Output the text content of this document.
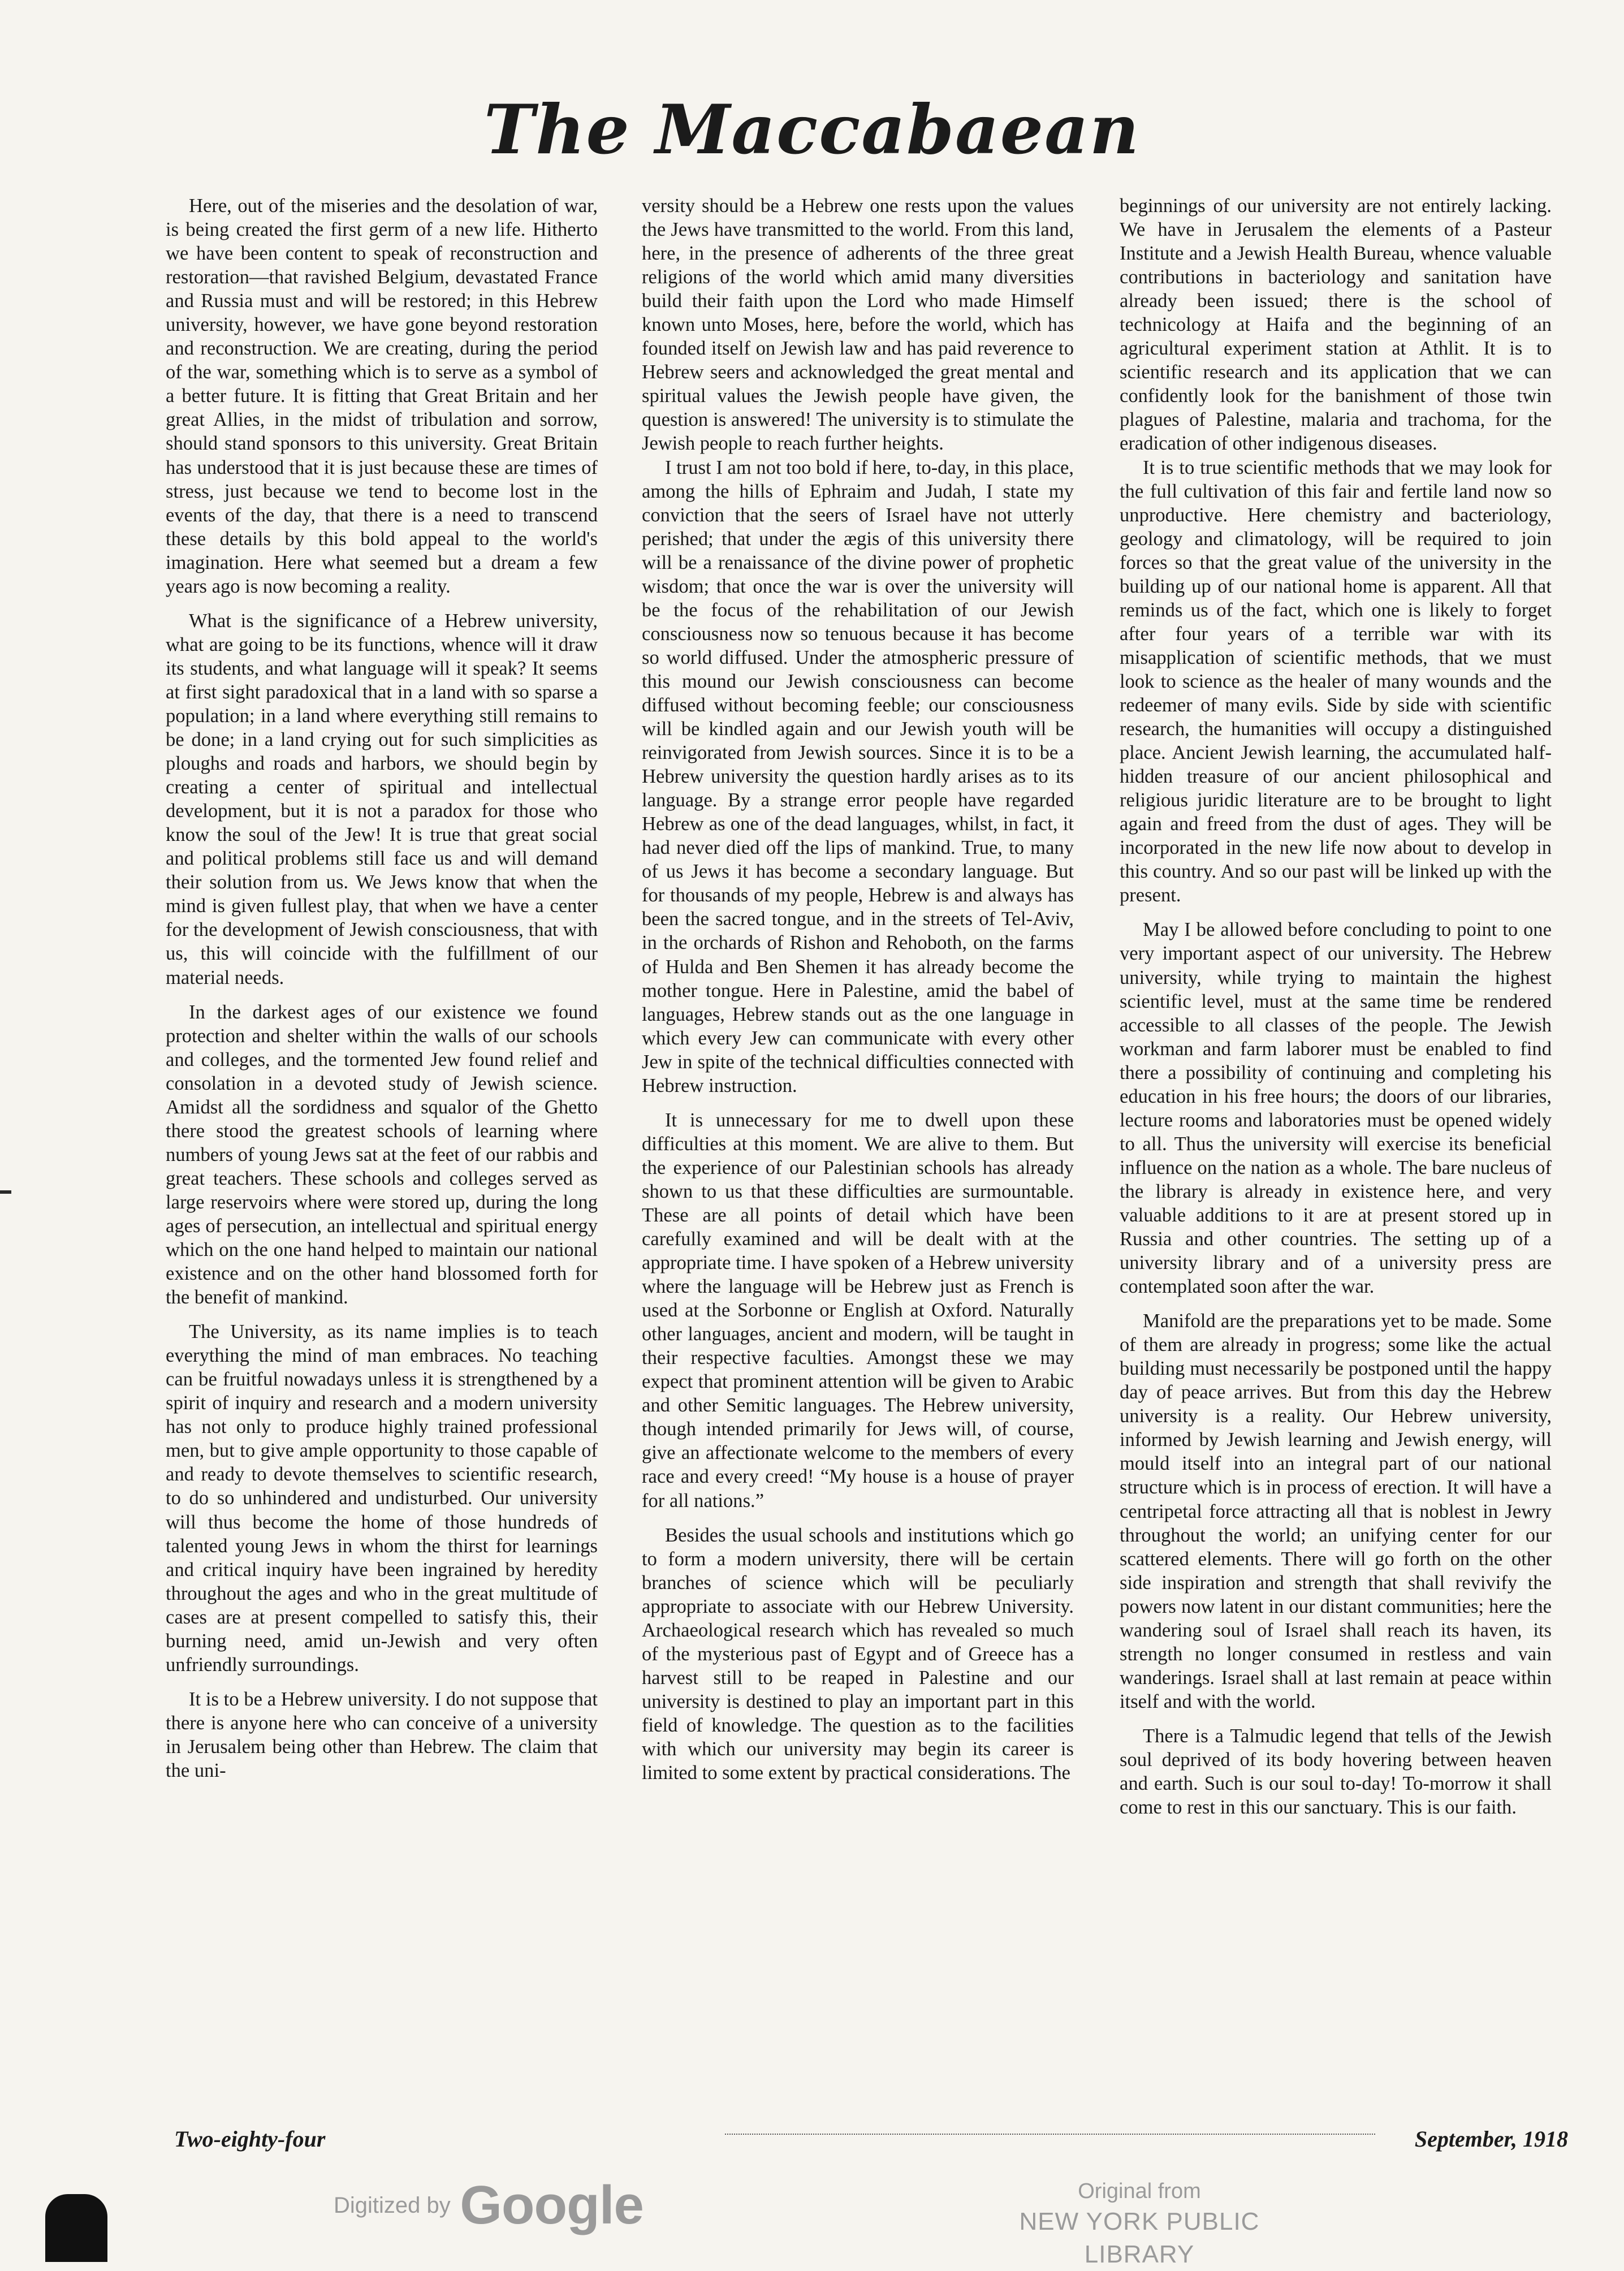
The Maccabaean

Here, out of the miseries and the desolation of war, is being created the first germ of a new life. Hitherto we have been content to speak of reconstruction and restoration—that ravished Belgium, devastated France and Russia must and will be restored; in this Hebrew university, however, we have gone beyond restoration and reconstruction. We are creating, during the period of the war, something which is to serve as a symbol of a better future. It is fitting that Great Britain and her great Allies, in the midst of tribulation and sorrow, should stand sponsors to this university. Great Britain has understood that it is just because these are times of stress, just because we tend to become lost in the events of the day, that there is a need to transcend these details by this bold appeal to the world's imagination. Here what seemed but a dream a few years ago is now becoming a reality.

What is the significance of a Hebrew university, what are going to be its functions, whence will it draw its students, and what language will it speak? It seems at first sight paradoxical that in a land with so sparse a population; in a land where everything still remains to be done; in a land crying out for such simplicities as ploughs and roads and harbors, we should begin by creating a center of spiritual and intellectual development, but it is not a paradox for those who know the soul of the Jew! It is true that great social and political problems still face us and will demand their solution from us. We Jews know that when the mind is given fullest play, that when we have a center for the development of Jewish consciousness, that with us, this will coincide with the fulfillment of our material needs.

In the darkest ages of our existence we found protection and shelter within the walls of our schools and colleges, and the tormented Jew found relief and consolation in a devoted study of Jewish science. Amidst all the sordidness and squalor of the Ghetto there stood the greatest schools of learning where numbers of young Jews sat at the feet of our rabbis and great teachers. These schools and colleges served as large reservoirs where were stored up, during the long ages of persecution, an intellectual and spiritual energy which on the one hand helped to maintain our national existence and on the other hand blossomed forth for the benefit of mankind.

The University, as its name implies is to teach everything the mind of man embraces. No teaching can be fruitful nowadays unless it is strengthened by a spirit of inquiry and research and a modern university has not only to produce highly trained professional men, but to give ample opportunity to those capable of and ready to devote themselves to scientific research, to do so unhindered and undisturbed. Our university will thus become the home of those hundreds of talented young Jews in whom the thirst for learnings and critical inquiry have been ingrained by heredity throughout the ages and who in the great multitude of cases are at present compelled to satisfy this, their burning need, amid un-Jewish and very often unfriendly surroundings.

It is to be a Hebrew university. I do not suppose that there is anyone here who can conceive of a university in Jerusalem being other than Hebrew. The claim that the uni-

versity should be a Hebrew one rests upon the values the Jews have transmitted to the world. From this land, here, in the presence of adherents of the three great religions of the world which amid many diversities build their faith upon the Lord who made Himself known unto Moses, here, before the world, which has founded itself on Jewish law and has paid reverence to Hebrew seers and acknowledged the great mental and spiritual values the Jewish people have given, the question is answered! The university is to stimulate the Jewish people to reach further heights.

I trust I am not too bold if here, to-day, in this place, among the hills of Ephraim and Judah, I state my conviction that the seers of Israel have not utterly perished; that under the ægis of this university there will be a renaissance of the divine power of prophetic wisdom; that once the war is over the university will be the focus of the rehabilitation of our Jewish consciousness now so tenuous because it has become so world diffused. Under the atmospheric pressure of this mound our Jewish consciousness can become diffused without becoming feeble; our consciousness will be kindled again and our Jewish youth will be reinvigorated from Jewish sources. Since it is to be a Hebrew university the question hardly arises as to its language. By a strange error people have regarded Hebrew as one of the dead languages, whilst, in fact, it had never died off the lips of mankind. True, to many of us Jews it has become a secondary language. But for thousands of my people, Hebrew is and always has been the sacred tongue, and in the streets of Tel-Aviv, in the orchards of Rishon and Rehoboth, on the farms of Hulda and Ben Shemen it has already become the mother tongue. Here in Palestine, amid the babel of languages, Hebrew stands out as the one language in which every Jew can communicate with every other Jew in spite of the technical difficulties connected with Hebrew instruction.

It is unnecessary for me to dwell upon these difficulties at this moment. We are alive to them. But the experience of our Palestinian schools has already shown to us that these difficulties are surmountable. These are all points of detail which have been carefully examined and will be dealt with at the appropriate time. I have spoken of a Hebrew university where the language will be Hebrew just as French is used at the Sorbonne or English at Oxford. Naturally other languages, ancient and modern, will be taught in their respective faculties. Amongst these we may expect that prominent attention will be given to Arabic and other Semitic languages. The Hebrew university, though intended primarily for Jews will, of course, give an affectionate welcome to the members of every race and every creed! “My house is a house of prayer for all nations.”

Besides the usual schools and institutions which go to form a modern university, there will be certain branches of science which will be peculiarly appropriate to associate with our Hebrew University. Archaeological research which has revealed so much of the mysterious past of Egypt and of Greece has a harvest still to be reaped in Palestine and our university is destined to play an important part in this field of knowledge. The question as to the facilities with which our university may begin its career is limited to some extent by practical considerations. The

beginnings of our university are not entirely lacking. We have in Jerusalem the elements of a Pasteur Institute and a Jewish Health Bureau, whence valuable contributions in bacteriology and sanitation have already been issued; there is the school of technicology at Haifa and the beginning of an agricultural experiment station at Athlit. It is to scientific research and its application that we can confidently look for the banishment of those twin plagues of Palestine, malaria and trachoma, for the eradication of other indigenous diseases.

It is to true scientific methods that we may look for the full cultivation of this fair and fertile land now so unproductive. Here chemistry and bacteriology, geology and climatology, will be required to join forces so that the great value of the university in the building up of our national home is apparent. All that reminds us of the fact, which one is likely to forget after four years of a terrible war with its misapplication of scientific methods, that we must look to science as the healer of many wounds and the redeemer of many evils. Side by side with scientific research, the humanities will occupy a distinguished place. Ancient Jewish learning, the accumulated half-hidden treasure of our ancient philosophical and religious juridic literature are to be brought to light again and freed from the dust of ages. They will be incorporated in the new life now about to develop in this country. And so our past will be linked up with the present.

May I be allowed before concluding to point to one very important aspect of our university. The Hebrew university, while trying to maintain the highest scientific level, must at the same time be rendered accessible to all classes of the people. The Jewish workman and farm laborer must be enabled to find there a possibility of continuing and completing his education in his free hours; the doors of our libraries, lecture rooms and laboratories must be opened widely to all. Thus the university will exercise its beneficial influence on the nation as a whole. The bare nucleus of the library is already in existence here, and very valuable additions to it are at present stored up in Russia and other countries. The setting up of a university library and of a university press are contemplated soon after the war.

Manifold are the preparations yet to be made. Some of them are already in progress; some like the actual building must necessarily be postponed until the happy day of peace arrives. But from this day the Hebrew university is a reality. Our Hebrew university, informed by Jewish learning and Jewish energy, will mould itself into an integral part of our national structure which is in process of erection. It will have a centripetal force attracting all that is noblest in Jewry throughout the world; an unifying center for our scattered elements. There will go forth on the other side inspiration and strength that shall revivify the powers now latent in our distant communities; here the wandering soul of Israel shall reach its haven, its strength no longer consumed in restless and vain wanderings. Israel shall at last remain at peace within itself and with the world.

There is a Talmudic legend that tells of the Jewish soul deprived of its body hovering between heaven and earth. Such is our soul to-day! To-morrow it shall come to rest in this our sanctuary. This is our faith.

Two-eighty-four	September, 1918
Digitized by Google	Original from
NEW YORK PUBLIC LIBRARY
